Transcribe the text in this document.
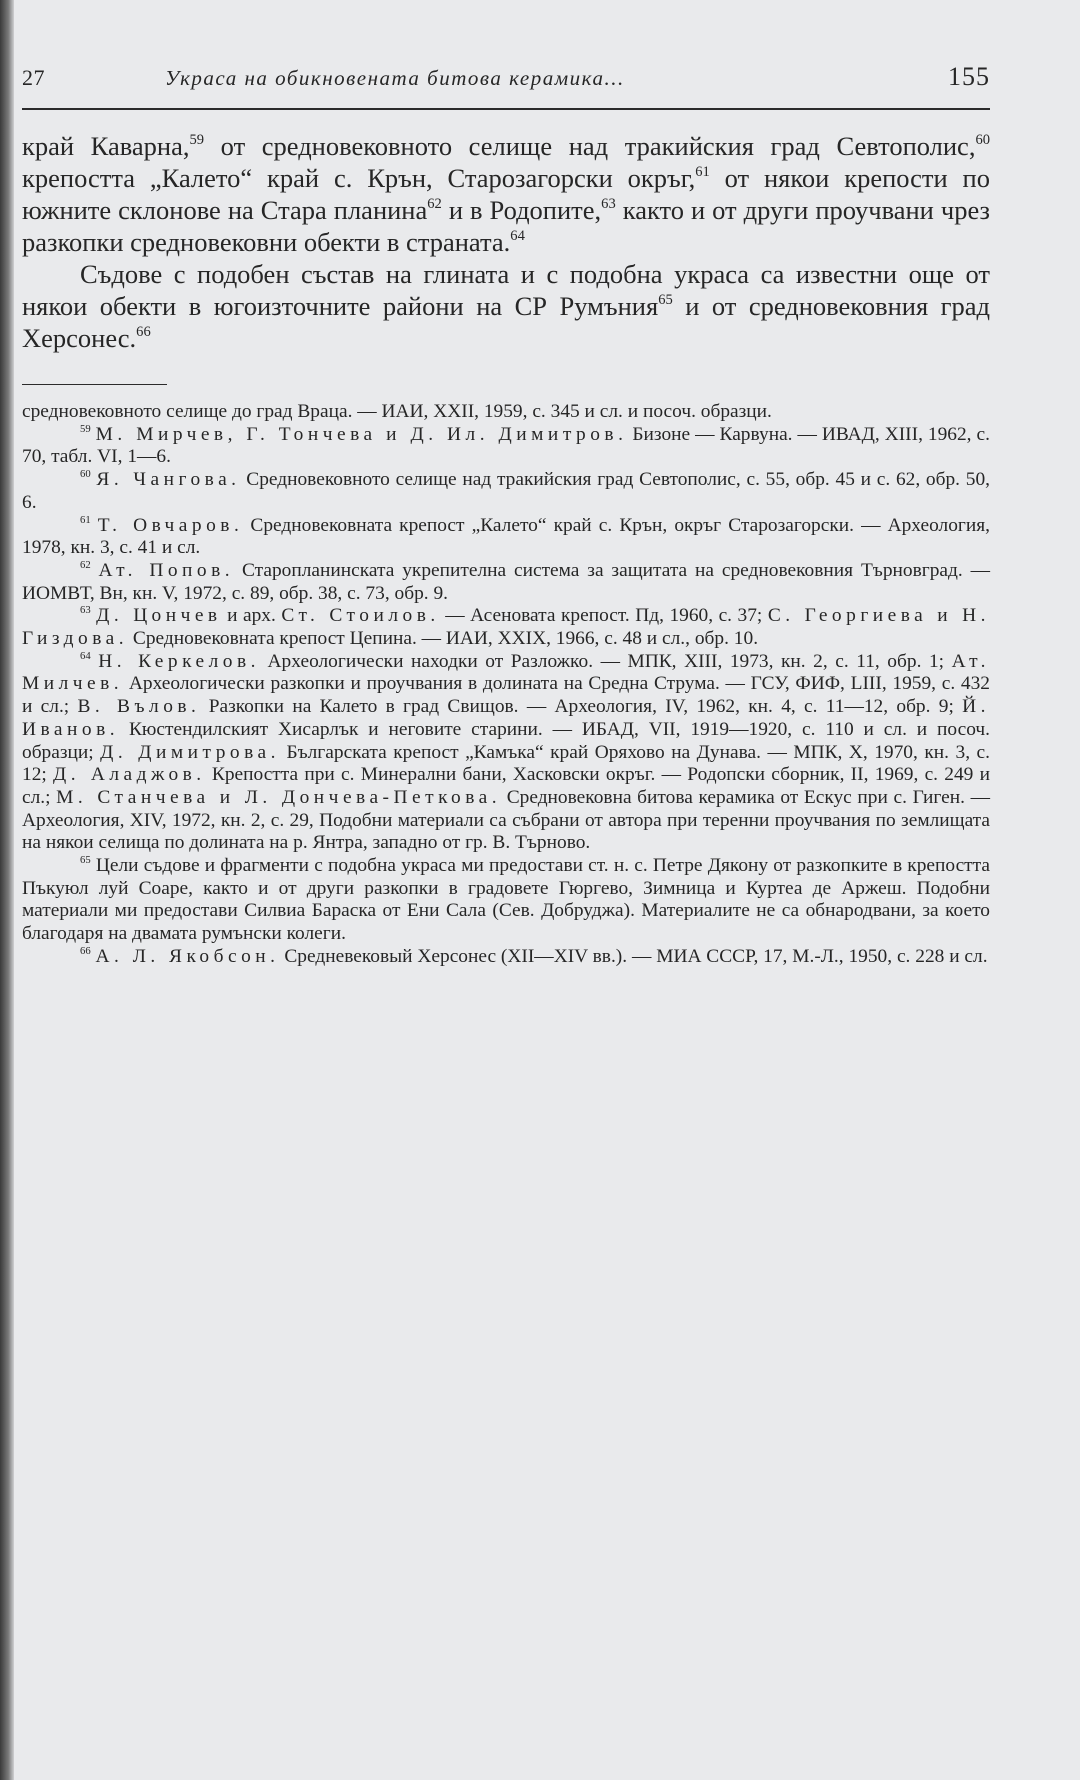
27	Украса на обикновената битова керамика...	155

край Каварна,$^{59}$ от средновековното селище над тракийския град Севтополис,$^{60}$ крепостта „Калето“ край с. Крън, Старозагорски окръг,$^{61}$ от някои крепости по южните склонове на Стара планина$^{62}$ и в Родопите,$^{63}$ както и от други проучвани чрез разкопки средновековни обекти в страната.$^{64}$

Съдове с подобен състав на глината и с подобна украса са известни още от някои обекти в югоизточните райони на СР Румъния$^{65}$ и от средновековния град Херсонес.$^{66}$

средновековното селище до град Враца. — ИАИ, XXII, 1959, с. 345 и сл. и посоч. образци.

$^{59}$ М. Мирчев, Г. Тончева и Д. Ил. Димитров. Бизоне — Карвуна. — ИВАД, XIII, 1962, с. 70, табл. VI, 1—6.

$^{60}$ Я. Чангова. Средновековното селище над тракийския град Севтополис, с. 55, обр. 45 и с. 62, обр. 50, 6.

$^{61}$ Т. Овчаров. Средновековната крепост „Калето“ край с. Крън, окръг Старозагорски. — Археология, 1978, кн. 3, с. 41 и сл.

$^{62}$ Ат. Попов. Старопланинската укрепителна система за защитата на средновековния Търновград. — ИОМВТ, Вн, кн. V, 1972, с. 89, обр. 38, с. 73, обр. 9.

$^{63}$ Д. Цончев и арх. Ст. Стоилов. — Асеновата крепост. Пд, 1960, с. 37; С. Георгиева и Н. Гиздова. Средновековната крепост Цепина. — ИАИ, XXIX, 1966, с. 48 и сл., обр. 10.

$^{64}$ Н. Керкелов. Археологически находки от Разложко. — МПК, XIII, 1973, кн. 2, с. 11, обр. 1; Ат. Милчев. Археологически разкопки и проучвания в долината на Средна Струма. — ГСУ, ФИФ, LIII, 1959, с. 432 и сл.; В. Вълов. Разкопки на Калето в град Свищов. — Археология, IV, 1962, кн. 4, с. 11—12, обр. 9; Й. Иванов. Кюстендилският Хисарлък и неговите старини. — ИБАД, VII, 1919—1920, с. 110 и сл. и посоч. образци; Д. Димитрова. Българската крепост „Камъка“ край Оряхово на Дунава. — МПК, X, 1970, кн. 3, с. 12; Д. Аладжов. Крепостта при с. Минерални бани, Хасковски окръг. — Родопски сборник, II, 1969, с. 249 и сл.; М. Станчева и Л. Дончева-Петкова. Средновековна битова керамика от Ескус при с. Гиген. — Археология, XIV, 1972, кн. 2, с. 29, Подобни материали са събрани от автора при теренни проучвания по землищата на някои селища по долината на р. Янтра, западно от гр. В. Търново.

$^{65}$ Цели съдове и фрагменти с подобна украса ми предостави ст. н. с. Петре Дякону от разкопките в крепостта Пъкуюл луй Соаре, както и от други разкопки в градовете Гюргево, Зимница и Куртеа де Аржеш. Подобни материали ми предостави Силвиа Бараска от Ени Сала (Сев. Добруджа). Материалите не са обнародвани, за което благодаря на двамата румънски колеги.

$^{66}$ А. Л. Якобсон. Средневековый Херсонес (XII—XIV вв.). — МИА СССР, 17, М.-Л., 1950, с. 228 и сл.
